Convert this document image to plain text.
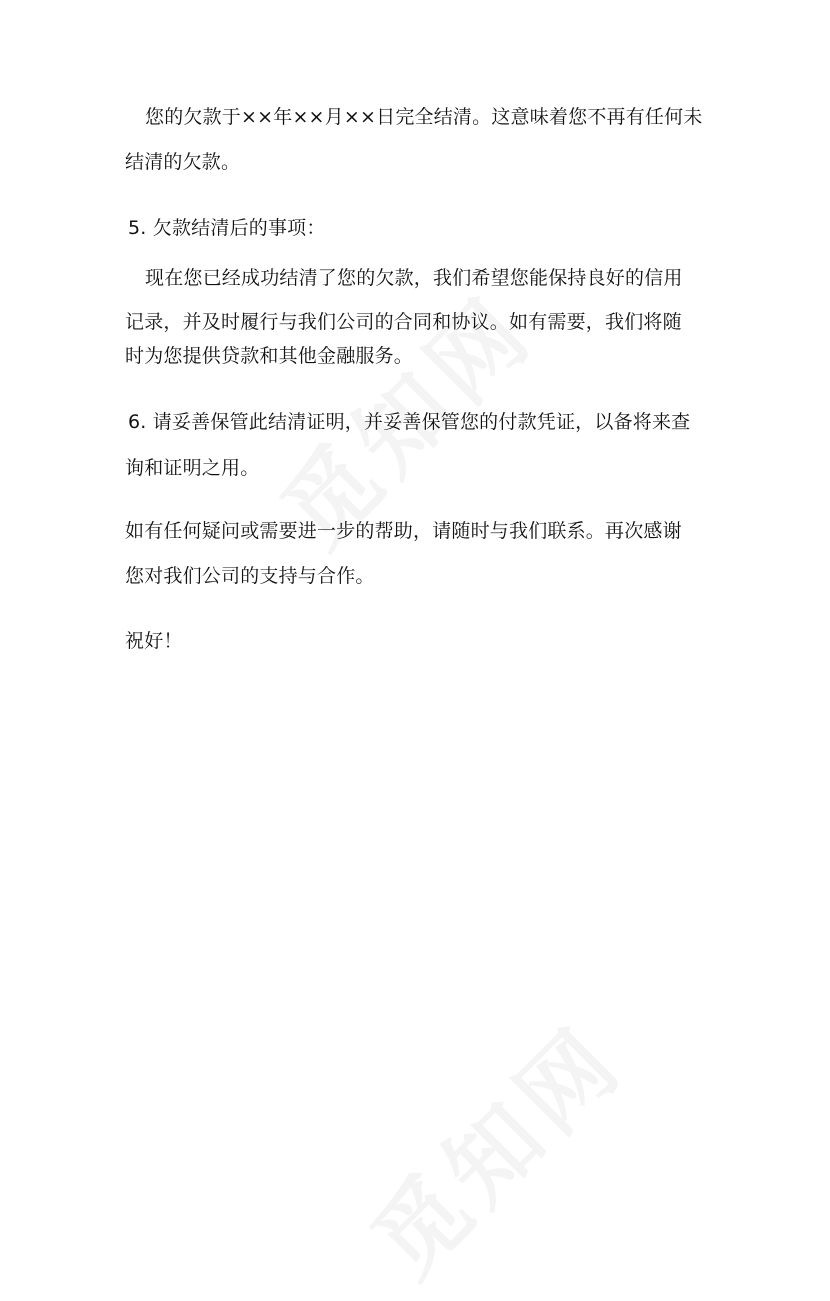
您的欠款于××年××月××日完全结清。这意味着您不再有任何未
结清的欠款。
5. 欠款结清后的事项：
现在您已经成功结清了您的欠款，我们希望您能保持良好的信用
记录，并及时履行与我们公司的合同和协议。如有需要，我们将随
时为您提供贷款和其他金融服务。
6. 请妥善保管此结清证明，并妥善保管您的付款凭证，以备将来查
询和证明之用。
如有任何疑问或需要进一步的帮助，请随时与我们联系。再次感谢
您对我们公司的支持与合作。
祝好！
